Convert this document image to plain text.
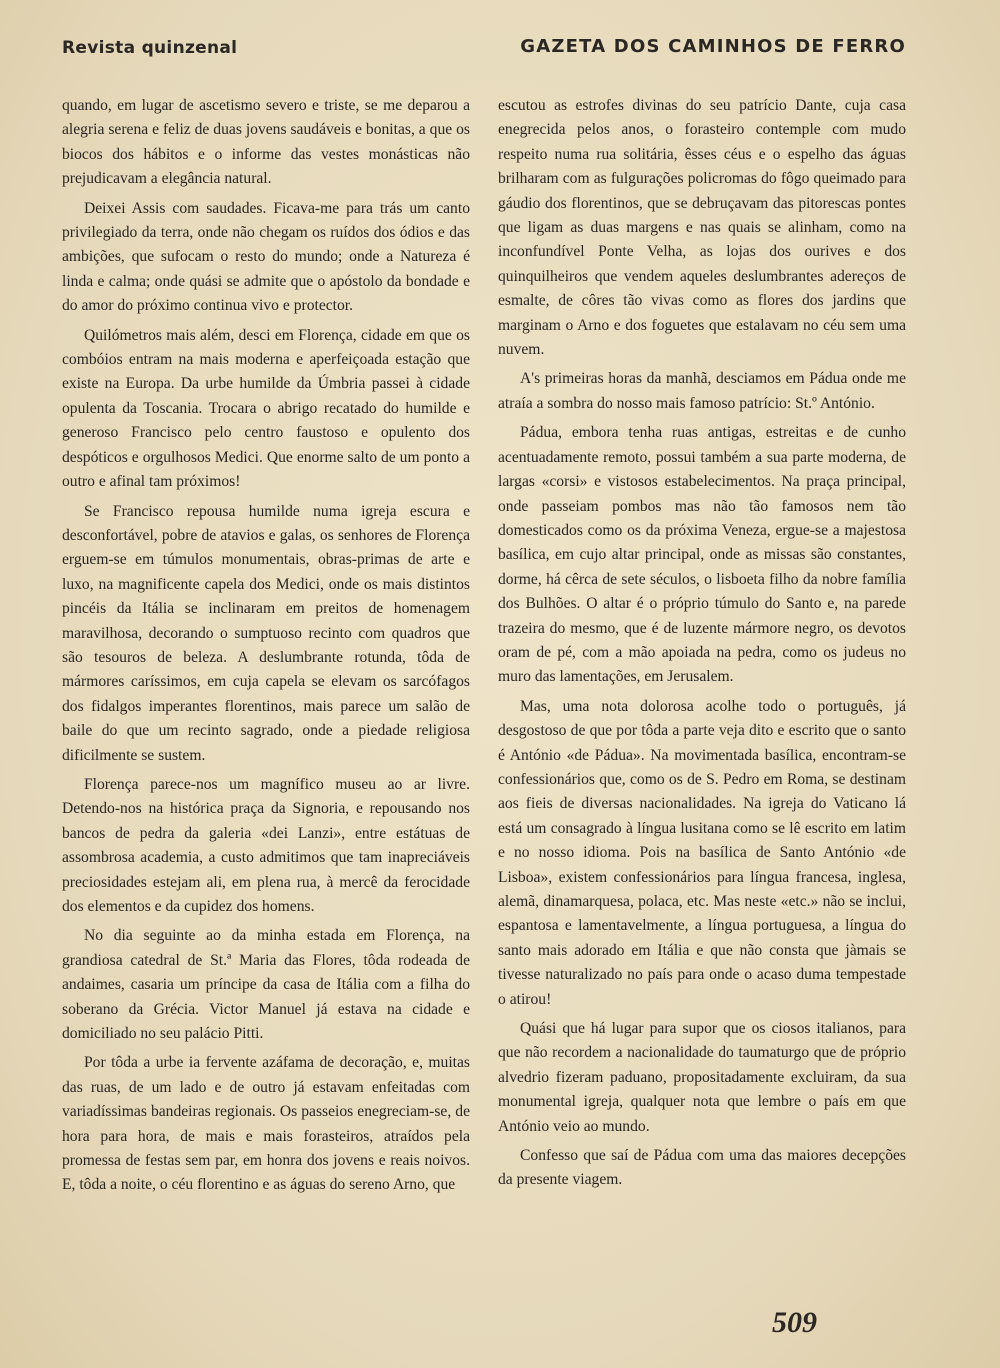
Revista quinzenal	GAZETA DOS CAMINHOS DE FERRO

quando, em lugar de ascetismo severo e triste, se me deparou a alegria serena e feliz de duas jovens saudáveis e bonitas, a que os biocos dos hábitos e o informe das vestes monásticas não prejudicavam a elegância natural.

Deixei Assis com saudades. Ficava-me para trás um canto privilegiado da terra, onde não chegam os ruídos dos ódios e das ambições, que sufocam o resto do mundo; onde a Natureza é linda e calma; onde quási se admite que o apóstolo da bondade e do amor do próximo continua vivo e protector.

Quilómetros mais além, desci em Florença, cidade em que os combóios entram na mais moderna e aperfeiçoada estação que existe na Europa. Da urbe humilde da Úmbria passei à cidade opulenta da Toscania. Trocara o abrigo recatado do humilde e generoso Francisco pelo centro faustoso e opulento dos despóticos e orgulhosos Medici. Que enorme salto de um ponto a outro e afinal tam próximos!

Se Francisco repousa humilde numa igreja escura e desconfortável, pobre de atavios e galas, os senhores de Florença erguem-se em túmulos monumentais, obras-primas de arte e luxo, na magnificente capela dos Medici, onde os mais distintos pincéis da Itália se inclinaram em preitos de homenagem maravilhosa, decorando o sumptuoso recinto com quadros que são tesouros de beleza. A deslumbrante rotunda, tôda de mármores caríssimos, em cuja capela se elevam os sarcófagos dos fidalgos imperantes florentinos, mais parece um salão de baile do que um recinto sagrado, onde a piedade religiosa dificilmente se sustem.

Florença parece-nos um magnífico museu ao ar livre. Detendo-nos na histórica praça da Signoria, e repousando nos bancos de pedra da galeria «dei Lanzi», entre estátuas de assombrosa academia, a custo admitimos que tam inapreciáveis preciosidades estejam ali, em plena rua, à mercê da ferocidade dos elementos e da cupidez dos homens.

No dia seguinte ao da minha estada em Florença, na grandiosa catedral de St.ª Maria das Flores, tôda rodeada de andaimes, casaria um príncipe da casa de Itália com a filha do soberano da Grécia. Victor Manuel já estava na cidade e domiciliado no seu palácio Pitti.

Por tôda a urbe ia fervente azáfama de decoração, e, muitas das ruas, de um lado e de outro já estavam enfeitadas com variadíssimas bandeiras regionais. Os passeios enegreciam-se, de hora para hora, de mais e mais forasteiros, atraídos pela promessa de festas sem par, em honra dos jovens e reais noivos. E, tôda a noite, o céu florentino e as águas do sereno Arno, que

escutou as estrofes divinas do seu patrício Dante, cuja casa enegrecida pelos anos, o forasteiro contemple com mudo respeito numa rua solitária, êsses céus e o espelho das águas brilharam com as fulgurações policromas do fôgo queimado para gáudio dos florentinos, que se debruçavam das pitorescas pontes que ligam as duas margens e nas quais se alinham, como na inconfundível Ponte Velha, as lojas dos ourives e dos quinquilheiros que vendem aqueles deslumbrantes adereços de esmalte, de côres tão vivas como as flores dos jardins que marginam o Arno e dos foguetes que estalavam no céu sem uma nuvem.

A's primeiras horas da manhã, desciamos em Pádua onde me atraía a sombra do nosso mais famoso patrício: St.º António.

Pádua, embora tenha ruas antigas, estreitas e de cunho acentuadamente remoto, possui também a sua parte moderna, de largas «corsi» e vistosos estabelecimentos. Na praça principal, onde passeiam pombos mas não tão famosos nem tão domesticados como os da próxima Veneza, ergue-se a majestosa basílica, em cujo altar principal, onde as missas são constantes, dorme, há cêrca de sete séculos, o lisboeta filho da nobre família dos Bulhões. O altar é o próprio túmulo do Santo e, na parede trazeira do mesmo, que é de luzente mármore negro, os devotos oram de pé, com a mão apoiada na pedra, como os judeus no muro das lamentações, em Jerusalem.

Mas, uma nota dolorosa acolhe todo o português, já desgostoso de que por tôda a parte veja dito e escrito que o santo é António «de Pádua». Na movimentada basílica, encontram-se confessionários que, como os de S. Pedro em Roma, se destinam aos fieis de diversas nacionalidades. Na igreja do Vaticano lá está um consagrado à língua lusitana como se lê escrito em latim e no nosso idioma. Pois na basílica de Santo António «de Lisboa», existem confessionários para língua francesa, inglesa, alemã, dinamarquesa, polaca, etc. Mas neste «etc.» não se inclui, espantosa e lamentavelmente, a língua portuguesa, a língua do santo mais adorado em Itália e que não consta que jàmais se tivesse naturalizado no país para onde o acaso duma tempestade o atirou!

Quási que há lugar para supor que os ciosos italianos, para que não recordem a nacionalidade do taumaturgo que de próprio alvedrio fizeram paduano, propositadamente excluiram, da sua monumental igreja, qualquer nota que lembre o país em que António veio ao mundo.

Confesso que saí de Pádua com uma das maiores decepções da presente viagem.

509
